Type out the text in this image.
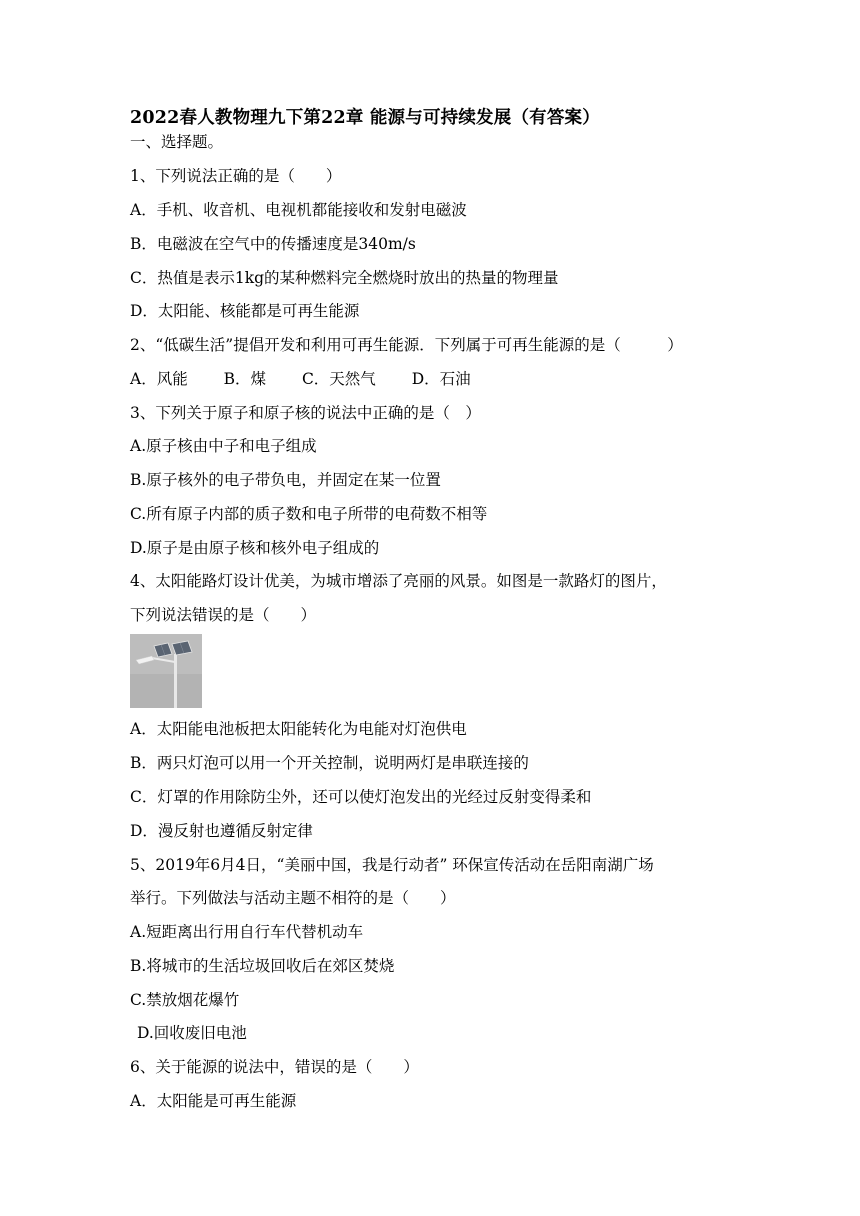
2022春人教物理九下第22章 能源与可持续发展（有答案）
一、选择题。
1、下列说法正确的是（　　）
A．手机、收音机、电视机都能接收和发射电磁波
B．电磁波在空气中的传播速度是340m/s
C．热值是表示1kg的某种燃料完全燃烧时放出的热量的物理量
D．太阳能、核能都是可再生能源
2、“低碳生活”提倡开发和利用可再生能源．下列属于可再生能源的是（　　　）
A．风能　　 B．煤　　 C．天然气　　 D．石油
3、下列关于原子和原子核的说法中正确的是（　）
A.原子核由中子和电子组成
B.原子核外的电子带负电，并固定在某一位置
C.所有原子内部的质子数和电子所带的电荷数不相等
D.原子是由原子核和核外电子组成的
4、太阳能路灯设计优美，为城市增添了亮丽的风景。如图是一款路灯的图片，
下列说法错误的是（　　）
A．太阳能电池板把太阳能转化为电能对灯泡供电
B．两只灯泡可以用一个开关控制，说明两灯是串联连接的
C．灯罩的作用除防尘外，还可以使灯泡发出的光经过反射变得柔和
D．漫反射也遵循反射定律
5、2019年6月4日，“美丽中国，我是行动者” 环保宣传活动在岳阳南湖广场
举行。下列做法与活动主题不相符的是（　　）
A.短距离出行用自行车代替机动车
B.将城市的生活垃圾回收后在郊区焚烧
C.禁放烟花爆竹
D.回收废旧电池
6、关于能源的说法中，错误的是（　　）
A．太阳能是可再生能源
